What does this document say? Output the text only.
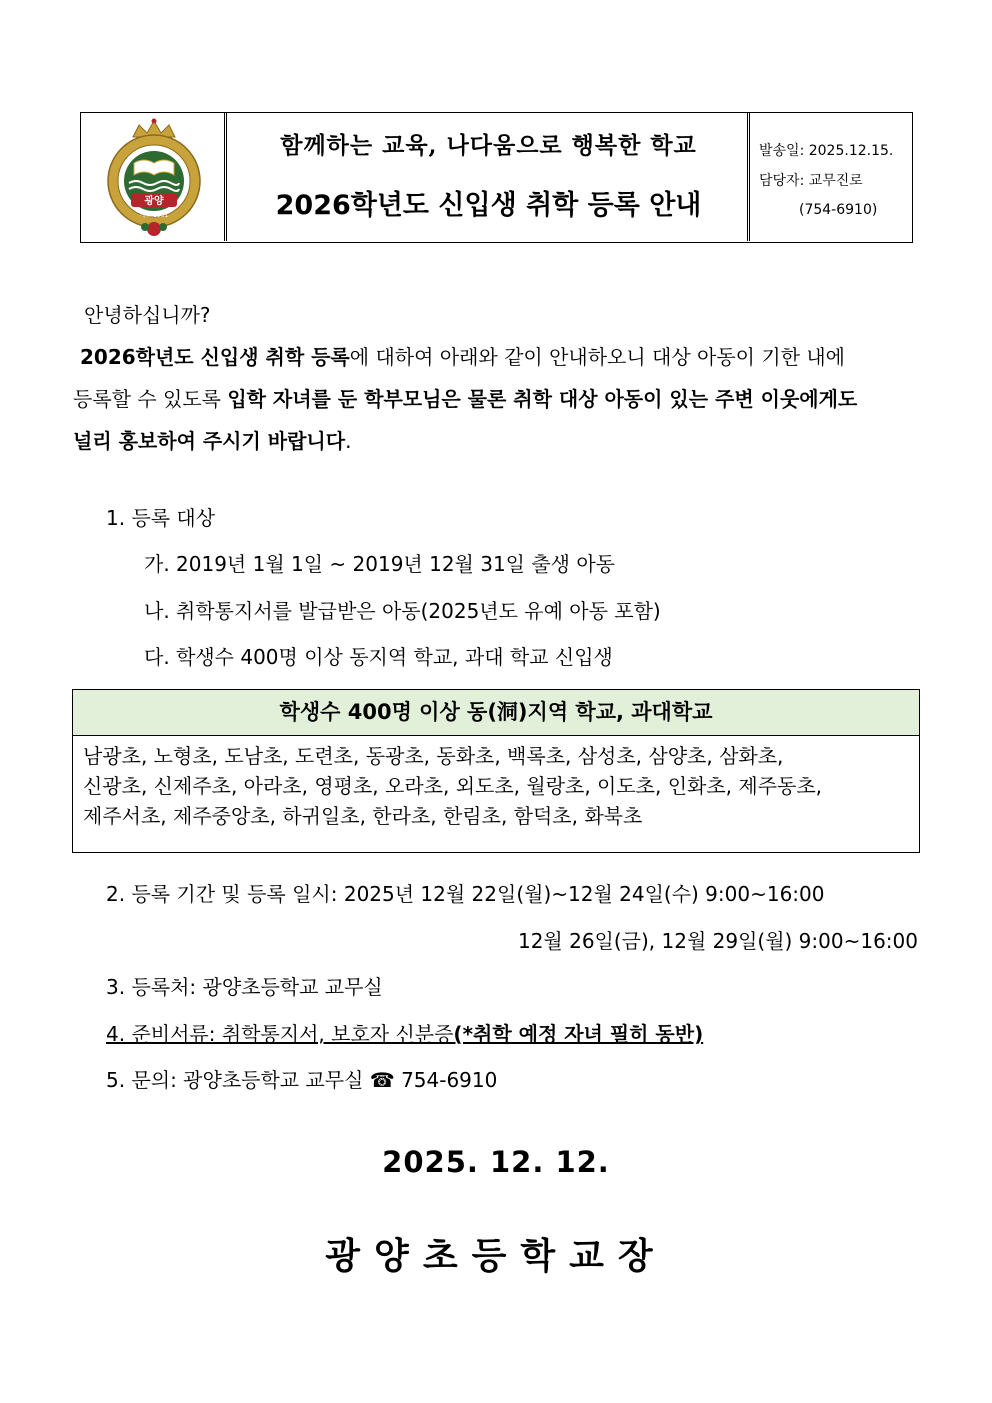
광양
개교 1931
함께하는 교육, 나다움으로 행복한 학교
2026학년도 신입생 취학 등록 안내
발송일: 2025.12.15.
담당자: 교무진로
(754-6910)
안녕하십니까?
2026학년도 신입생 취학 등록에 대하여 아래와 같이 안내하오니 대상 아동이 기한 내에
등록할 수 있도록 입학 자녀를 둔 학부모님은 물론 취학 대상 아동이 있는 주변 이웃에게도
널리 홍보하여 주시기 바랍니다.
1. 등록 대상
가. 2019년 1월 1일 ~ 2019년 12월 31일 출생 아동
나. 취학통지서를 발급받은 아동(2025년도 유예 아동 포함)
다. 학생수 400명 이상 동지역 학교, 과대 학교 신입생
학생수 400명 이상 동(洞)지역 학교, 과대학교
남광초, 노형초, 도남초, 도련초, 동광초, 동화초, 백록초, 삼성초, 삼양초, 삼화초,
신광초, 신제주초, 아라초, 영평초, 오라초, 외도초, 월랑초, 이도초, 인화초, 제주동초,
제주서초, 제주중앙초, 하귀일초, 한라초, 한림초, 함덕초, 화북초
2. 등록 기간 및 등록 일시: 2025년 12월 22일(월)~12월 24일(수) 9:00~16:00
12월 26일(금), 12월 29일(월) 9:00~16:00
3. 등록처: 광양초등학교 교무실
4. 준비서류: 취학통지서, 보호자 신분증(*취학 예정 자녀 필히 동반)
5. 문의: 광양초등학교 교무실 ☎ 754-6910
2025. 12. 12.
광양초등학교장
